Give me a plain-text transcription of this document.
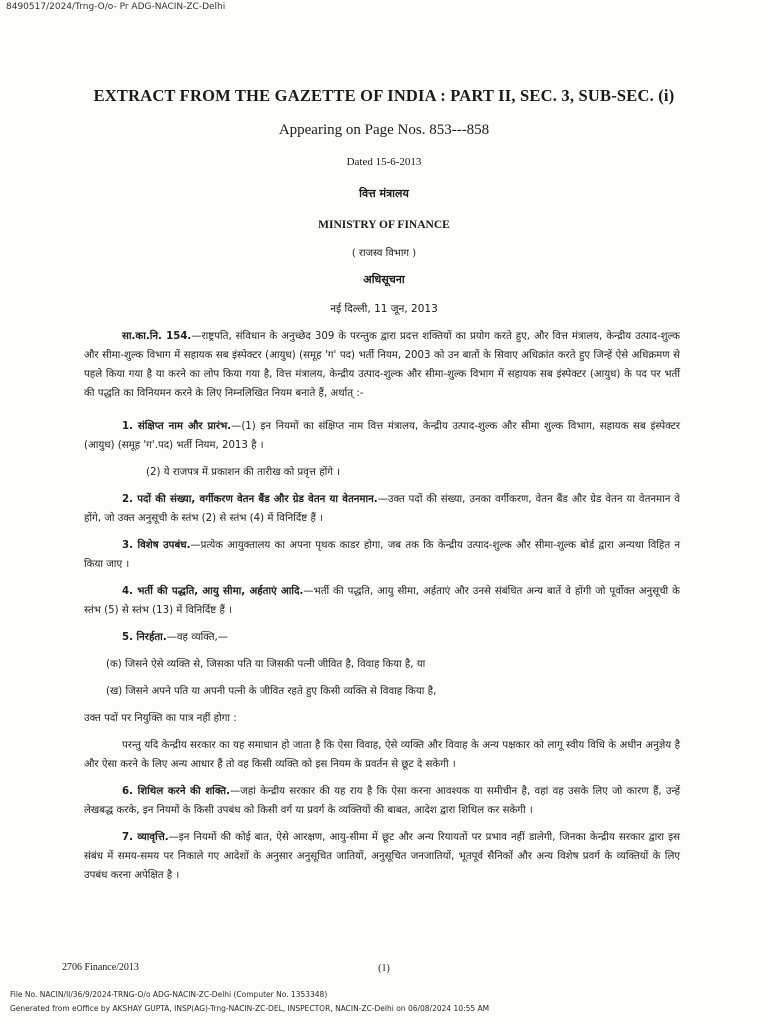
8490517/2024/Trng-O/o- Pr ADG-NACIN-ZC-Delhi
EXTRACT FROM THE GAZETTE OF INDIA : PART II, SEC. 3, SUB-SEC. (i)
Appearing on Page Nos. 853---858
Dated 15-6-2013
वित्त मंत्रालय
MINISTRY OF FINANCE
( राजस्व विभाग )
अधिसूचना
नई दिल्ली, 11 जून, 2013

सा.का.नि. 154.—राष्ट्रपति, संविधान के अनुच्छेद 309 के परन्तुक द्वारा प्रदत्त शक्तियों का प्रयोग करते हुए, और वित्त मंत्रालय, केन्द्रीय उत्पाद-शुल्क और सीमा-शुल्क विभाग में सहायक सब इंस्पेक्टर (आयुध) (समूह 'ग' पद) भर्ती नियम, 2003 को उन बातों के सिवाए अधिक्रांत करते हुए जिन्हें ऐसे अधिक्रमण से पहले किया गया है या करने का लोप किया गया है, वित्त मंत्रालय, केन्द्रीय उत्पाद-शुल्क और सीमा-शुल्क विभाग में सहायक सब इंस्पेक्टर (आयुध) के पद पर भर्ती की पद्धति का विनियमन करने के लिए निम्नलिखित नियम बनाते हैं, अर्थात् :-

1. संक्षिप्त नाम और प्रारंभ.—(1) इन नियमों का संक्षिप्त नाम वित्त मंत्रालय, केन्द्रीय उत्पाद-शुल्क और सीमा शुल्क विभाग, सहायक सब इंस्पेक्टर (आयुध) (समूह 'ग'.पद) भर्ती नियम, 2013 है ।

(2) ये राजपत्र में प्रकाशन की तारीख को प्रवृत्त होंगे ।

2. पदों की संख्या, वर्गीकरण वेतन बैंड और ग्रेड वेतन या वेतनमान.—उक्त पदों की संख्या, उनका वर्गीकरण, वेतन बैंड और ग्रेड वेतन या वेतनमान वे होंगे, जो उक्त अनुसूची के स्तंभ (2) से स्तंभ (4) में विनिर्दिष्ट हैं ।

3. विशेष उपबंध.—प्रत्येक आयुक्तालय का अपना पृथक काडर होगा, जब तक कि केन्द्रीय उत्पाद-शुल्क और सीमा-शुल्क बोर्ड द्वारा अन्यथा विहित न किया जाए ।

4. भर्ती की पद्धति, आयु सीमा, अर्हताएं आदि.—भर्ती की पद्धति, आयु सीमा, अर्हताएं और उनसे संबंधित अन्य बातें वे होंगी जो पूर्वोक्त अनुसूची के स्तंभ (5) से स्तंभ (13) में विनिर्दिष्ट हैं ।

5. निरर्हता.—वह व्यक्ति,—

(क) जिसने ऐसे व्यक्ति से, जिसका पति या जिसकी पत्नी जीवित है, विवाह किया है, या

(ख) जिसने अपने पति या अपनी पत्नी के जीवित रहते हुए किसी व्यक्ति से विवाह किया है,

उक्त पदों पर नियुक्ति का पात्र नहीं होगा :

परन्तु यदि केन्द्रीय सरकार का यह समाधान हो जाता है कि ऐसा विवाह, ऐसे व्यक्ति और विवाह के अन्य पक्षकार को लागू स्वीय विधि के अधीन अनुज्ञेय है और ऐसा करने के लिए अन्य आधार हैं तो वह किसी व्यक्ति को इस नियम के प्रवर्तन से छूट दे सकेगी ।

6. शिथिल करने की शक्ति.—जहां केन्द्रीय सरकार की यह राय है कि ऐसा करना आवश्यक या समीचीन है, वहां वह उसके लिए जो कारण हैं, उन्हें लेखबद्ध करके, इन नियमों के किसी उपबंध को किसी वर्ग या प्रवर्ग के व्यक्तियों की बाबत, आदेश द्वारा शिथिल कर सकेगी ।

7. व्यावृत्ति.—इन नियमों की कोई बात, ऐसे आरक्षण, आयु-सीमा में छूट और अन्य रियायतों पर प्रभाव नहीं डालेगी, जिनका केन्द्रीय सरकार द्वारा इस संबंध में समय-समय पर निकाले गए आदेशों के अनुसार अनुसूचित जातियों, अनुसूचित जनजातियों, भूतपूर्व सैनिकों और अन्य विशेष प्रवर्ग के व्यक्तियों के लिए उपबंध करना अपेक्षित है ।

2706 Finance/2013	(1)
File No. NACIN/II/36/9/2024-TRNG-O/o ADG-NACIN-ZC-Delhi (Computer No. 1353348)
Generated from eOffice by AKSHAY GUPTA, INSP(AG)-Trng-NACIN-ZC-DEL, INSPECTOR, NACIN-ZC-Delhi on 06/08/2024 10:55 AM
